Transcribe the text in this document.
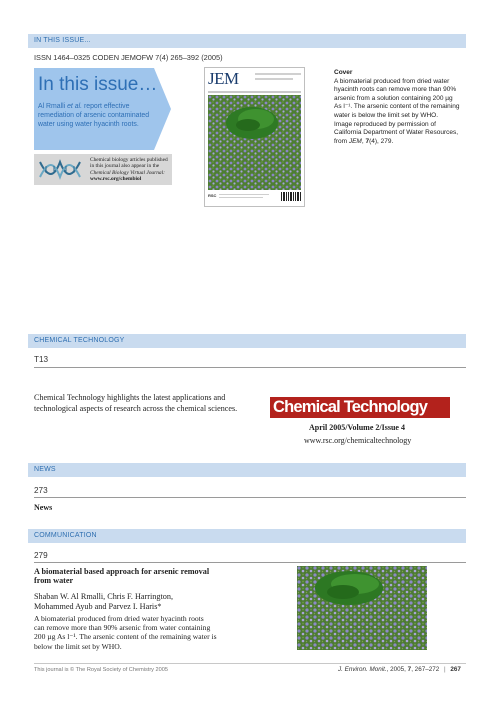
IN THIS ISSUE...
ISSN 1464–0325 CODEN JEMOFW 7(4) 265–392 (2005)
In this issue…
Al Rmalli et al. report effective
remediation of arsenic contaminated
water using water hyacinth roots.
Chemical biology articles published
in this journal also appear in the
Chemical Biology Virtual Journal:
www.rsc.org/chembiol
JEM
RSC
Cover
A biomaterial produced from dried water
hyacinth roots can remove more than 90%
arsenic from a solution containing 200 µg
As l⁻¹. The arsenic content of the remaining
water is below the limit set by WHO.
Image reproduced by permission of
California Department of Water Resources,
from JEM, 7(4), 279.
CHEMICAL TECHNOLOGY
T13
Chemical Technology highlights the latest applications and
technological aspects of research across the chemical sciences. Chemical Technology
April 2005/Volume 2/Issue 4
www.rsc.org/chemicaltechnology
NEWS
273
News
COMMUNICATION
279
A biomaterial based approach for arsenic removal
from water
Shaban W. Al Rmalli, Chris F. Harrington,
Mohammed Ayub and Parvez I. Haris*
A biomaterial produced from dried water hyacinth roots
can remove more than 90% arsenic from water containing
200 µg As l⁻¹. The arsenic content of the remaining water is
below the limit set by WHO.
This journal is © The Royal Society of Chemistry 2005	J. Environ. Monit., 2005, 7, 267–272 | 267
